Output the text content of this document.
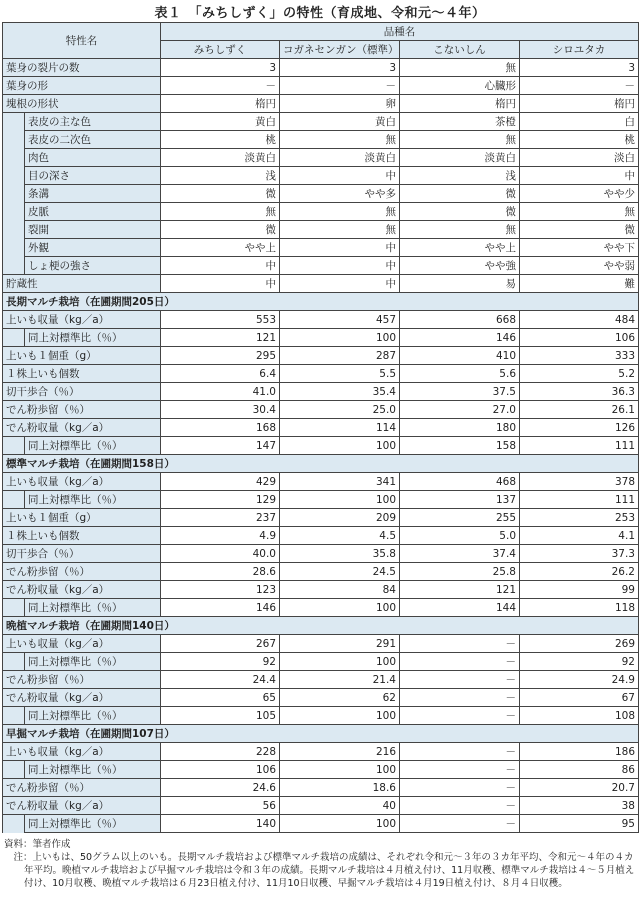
表１　「みちしずく」の特性（育成地、令和元～４年）
特性名		品種名			
		みちしずく	コガネセンガン（標準）	こないしん	シロユタカ
葉身の裂片の数		3	3	無	3
葉身の形		－	－	心臓形	－
塊根の形状		楕円	卵	楕円	楕円
	表皮の主な色	黄白	黄白	茶橙	白
	表皮の二次色	桃	無	無	桃
	肉色	淡黄白	淡黄白	淡黄白	淡白
	目の深さ	浅	中	浅	中
	条溝	微	やや多	微	やや少
	皮脈	無	無	微	無
	裂開	微	無	無	微
	外観	やや上	中	やや上	やや下
	しょ梗の強さ	中	中	やや強	やや弱
貯蔵性		中	中	易	難
長期マルチ栽培（在圃期間205日）					
上いも収量（kg／a）		553	457	668	484
	同上対標準比（％）	121	100	146	106
上いも１個重（g）		295	287	410	333
１株上いも個数		6.4	5.5	5.6	5.2
切干歩合（％）		41.0	35.4	37.5	36.3
でん粉歩留（％）		30.4	25.0	27.0	26.1
でん粉収量（kg／a）		168	114	180	126
	同上対標準比（％）	147	100	158	111
標準マルチ栽培（在圃期間158日）					
上いも収量（kg／a）		429	341	468	378
	同上対標準比（％）	129	100	137	111
上いも１個重（g）		237	209	255	253
１株上いも個数		4.9	4.5	5.0	4.1
切干歩合（％）		40.0	35.8	37.4	37.3
でん粉歩留（％）		28.6	24.5	25.8	26.2
でん粉収量（kg／a）		123	84	121	99
	同上対標準比（％）	146	100	144	118
晩植マルチ栽培（在圃期間140日）					
上いも収量（kg／a）		267	291	－	269
	同上対標準比（％）	92	100	－	92
でん粉歩留（％）		24.4	21.4	－	24.9
でん粉収量（kg／a）		65	62	－	67
	同上対標準比（％）	105	100	－	108
早掘マルチ栽培（在圃期間107日）					
上いも収量（kg／a）		228	216	－	186
	同上対標準比（％）	106	100	－	86
でん粉歩留（％）		24.6	18.6	－	20.7
でん粉収量（kg／a）		56	40	－	38
	同上対標準比（％）	140	100	－	95

資料：筆者作成

　注：上いもは、50グラム以上のいも。長期マルチ栽培および標準マルチ栽培の成績は、それぞれ令和元～３年の３カ年平均、令和元～４年の４カ年平均。晩植マルチ栽培および早掘マルチ栽培は令和３年の成績。長期マルチ栽培は４月植え付け、11月収穫、標準マルチ栽培は４～５月植え付け、10月収穫、晩植マルチ栽培は６月23日植え付け、11月10日収穫、早掘マルチ栽培は４月19日植え付け、８月４日収穫。
